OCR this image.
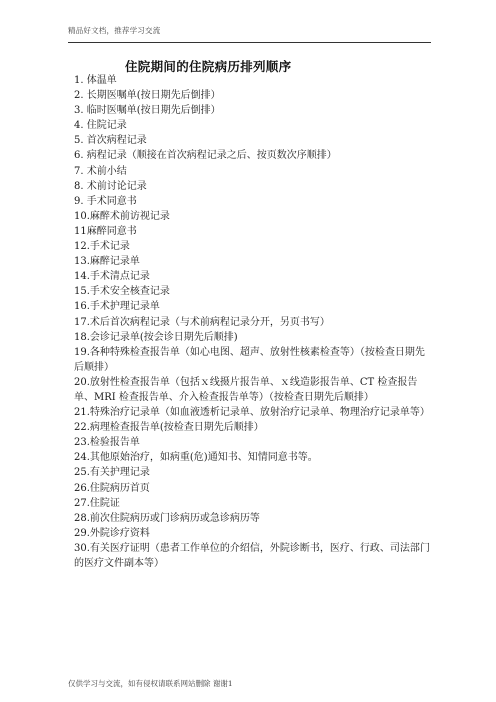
精品好文档，推荐学习交流
住院期间的住院病历排列顺序
1. 体温单
2. 长期医嘱单(按日期先后倒排）
3. 临时医嘱单(按日期先后倒排）
4. 住院记录
5. 首次病程记录
6. 病程记录（顺接在首次病程记录之后、按页数次序顺排）
7. 术前小结
8. 术前讨论记录
9. 手术同意书
10.麻醉术前访视记录
11麻醉同意书
12.手术记录
13.麻醉记录单
14.手术清点记录
15.手术安全核查记录
16.手术护理记录单
17.术后首次病程记录（与术前病程记录分开，另页书写）
18.会诊记录单(按会诊日期先后顺排)
19.各种特殊检查报告单（如心电图、超声、放射性核素检查等）（按检查日期先后顺排）
20.放射性检查报告单（包括ｘ线摄片报告单、ｘ线造影报告单、CT 检查报告单、MRI 检查报告单、介入检查报告单等）（按检查日期先后顺排）
21.特殊治疗记录单（如血液透析记录单、放射治疗记录单、物理治疗记录单等）
22.病理检查报告单(按检查日期先后顺排）
23.检验报告单
24.其他原始治疗，如病重(危)通知书、知情同意书等。
25.有关护理记录
26.住院病历首页
27.住院证
28.前次住院病历或门诊病历或急诊病历等
29.外院诊疗资料
30.有关医疗证明（患者工作单位的介绍信，外院诊断书，医疗、行政、司法部门的医疗文件副本等）
仅供学习与交流，如有侵权请联系网站删除 谢谢1
